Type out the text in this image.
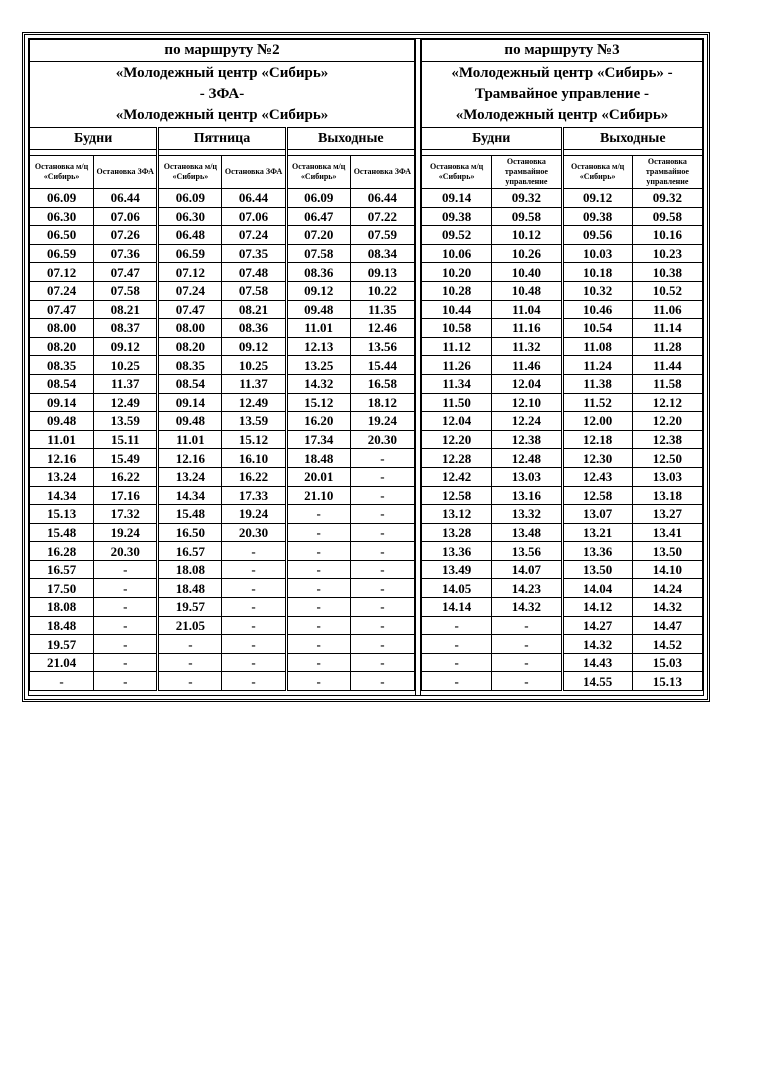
по маршруту №2					

«Молодежный центр «Сибирь»
- ЗФА-
«Молодежный центр «Сибирь»					

Будни		Пятница		Выходные	

Остановка м/ц «Сибирь»	Остановка ЗФА	Остановка м/ц «Сибирь»	Остановка ЗФА	Остановка м/ц «Сибирь»	Остановка ЗФА
06.09	06.44	06.09	06.44	06.09	06.44
06.30	07.06	06.30	07.06	06.47	07.22
06.50	07.26	06.48	07.24	07.20	07.59
06.59	07.36	06.59	07.35	07.58	08.34
07.12	07.47	07.12	07.48	08.36	09.13
07.24	07.58	07.24	07.58	09.12	10.22
07.47	08.21	07.47	08.21	09.48	11.35
08.00	08.37	08.00	08.36	11.01	12.46
08.20	09.12	08.20	09.12	12.13	13.56
08.35	10.25	08.35	10.25	13.25	15.44
08.54	11.37	08.54	11.37	14.32	16.58
09.14	12.49	09.14	12.49	15.12	18.12
09.48	13.59	09.48	13.59	16.20	19.24
11.01	15.11	11.01	15.12	17.34	20.30
12.16	15.49	12.16	16.10	18.48	-
13.24	16.22	13.24	16.22	20.01	-
14.34	17.16	14.34	17.33	21.10	-
15.13	17.32	15.48	19.24	-	-
15.48	19.24	16.50	20.30	-	-
16.28	20.30	16.57	-	-	-
16.57	-	18.08	-	-	-
17.50	-	18.48	-	-	-
18.08	-	19.57	-	-	-
18.48	-	21.05	-	-	-
19.57	-	-	-	-	-
21.04	-	-	-	-	-
-	-	-	-	-	-
по маршруту №3			

«Молодежный центр «Сибирь» -
Трамвайное управление -
«Молодежный центр «Сибирь»			

Будни		Выходные	

Остановка м/ц «Сибирь»	Остановка трамвайное управление	Остановка м/ц «Сибирь»	Остановка трамвайное управление
09.14	09.32	09.12	09.32
09.38	09.58	09.38	09.58
09.52	10.12	09.56	10.16
10.06	10.26	10.03	10.23
10.20	10.40	10.18	10.38
10.28	10.48	10.32	10.52
10.44	11.04	10.46	11.06
10.58	11.16	10.54	11.14
11.12	11.32	11.08	11.28
11.26	11.46	11.24	11.44
11.34	12.04	11.38	11.58
11.50	12.10	11.52	12.12
12.04	12.24	12.00	12.20
12.20	12.38	12.18	12.38
12.28	12.48	12.30	12.50
12.42	13.03	12.43	13.03
12.58	13.16	12.58	13.18
13.12	13.32	13.07	13.27
13.28	13.48	13.21	13.41
13.36	13.56	13.36	13.50
13.49	14.07	13.50	14.10
14.05	14.23	14.04	14.24
14.14	14.32	14.12	14.32
-	-	14.27	14.47
-	-	14.32	14.52
-	-	14.43	15.03
-	-	14.55	15.13
